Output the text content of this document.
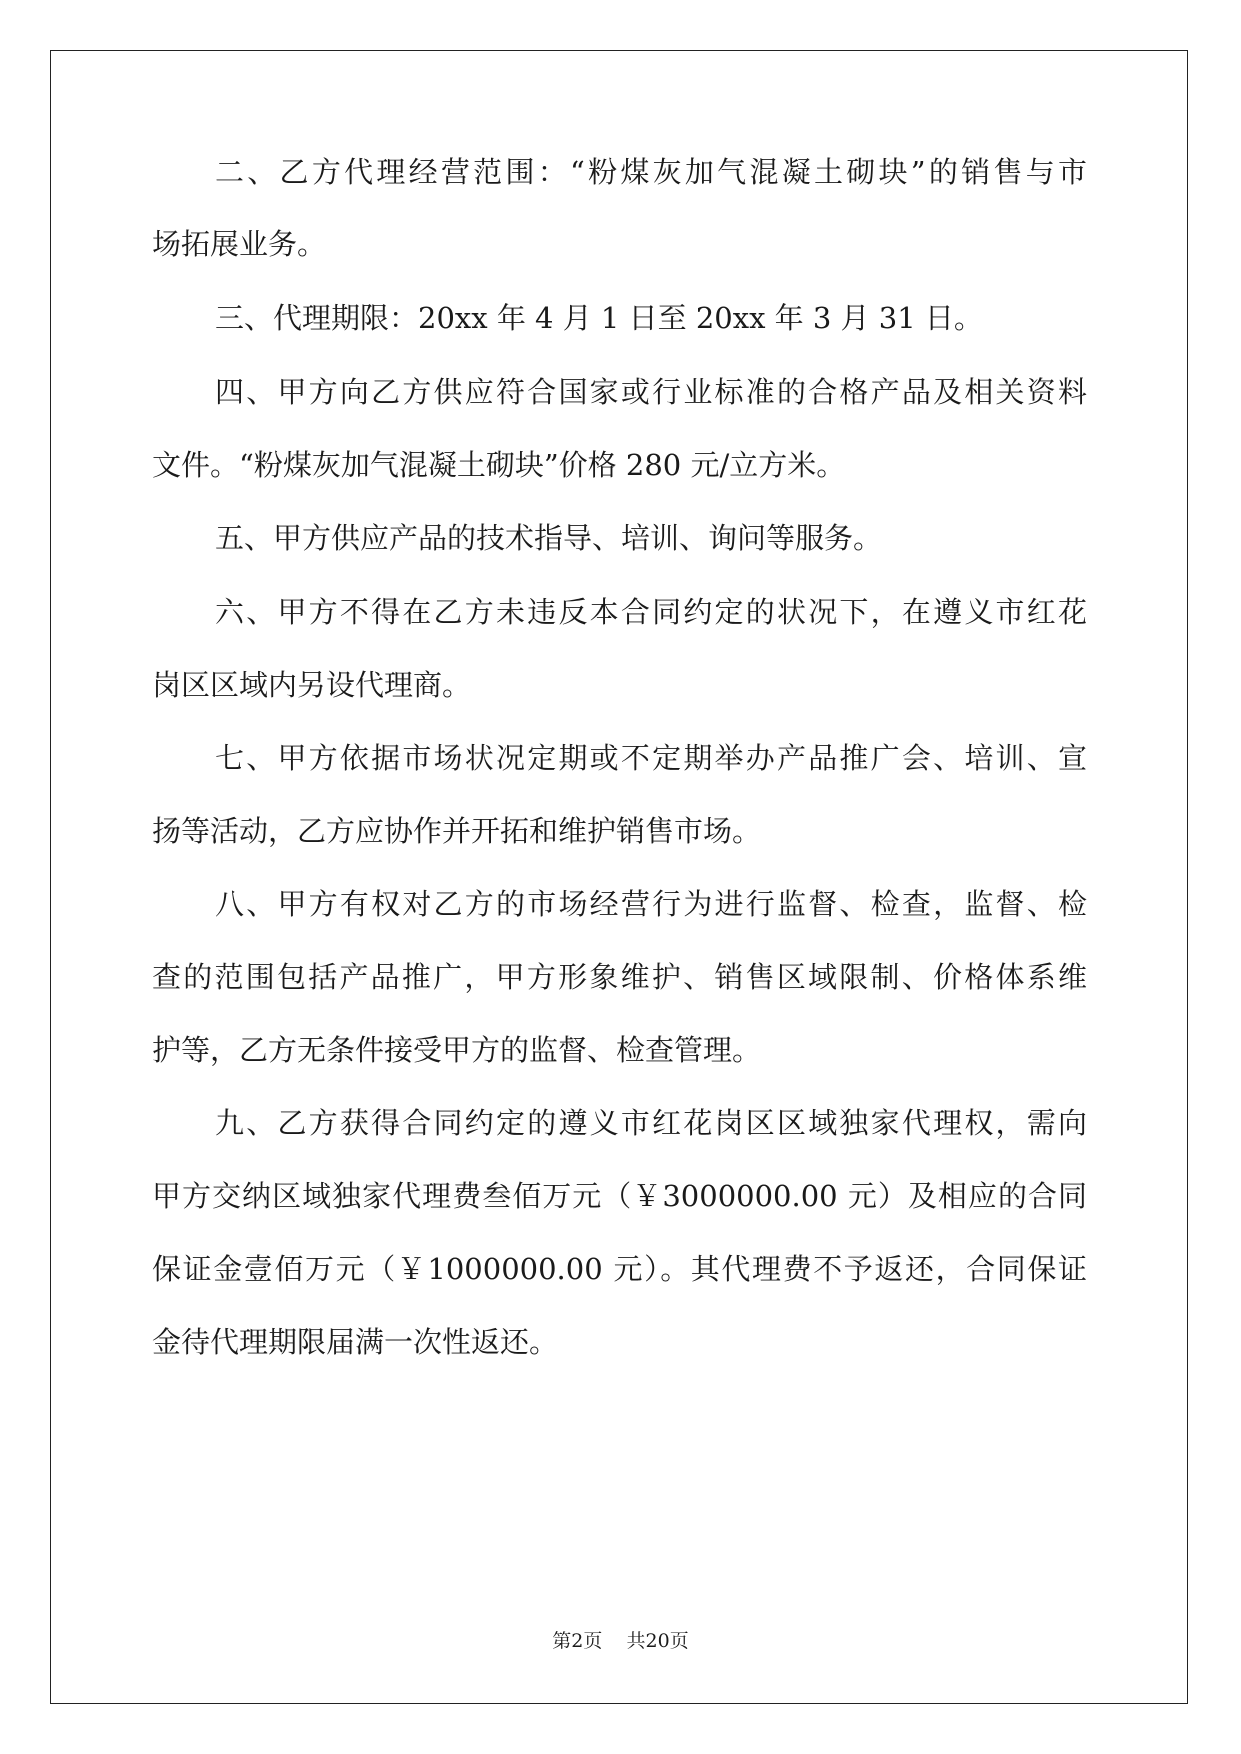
二、乙方代理经营范围：“粉煤灰加气混凝土砌块”的销售与市
场拓展业务。
三、代理期限：20xx 年 4 月 1 日至 20xx 年 3 月 31 日。
四、甲方向乙方供应符合国家或行业标准的合格产品及相关资料
文件。“粉煤灰加气混凝土砌块”价格 280 元/立方米。
五、甲方供应产品的技术指导、培训、询问等服务。
六、甲方不得在乙方未违反本合同约定的状况下，在遵义市红花
岗区区域内另设代理商。
七、甲方依据市场状况定期或不定期举办产品推广会、培训、宣
扬等活动，乙方应协作并开拓和维护销售市场。
八、甲方有权对乙方的市场经营行为进行监督、检查，监督、检
查的范围包括产品推广，甲方形象维护、销售区域限制、价格体系维
护等，乙方无条件接受甲方的监督、检查管理。
九、乙方获得合同约定的遵义市红花岗区区域独家代理权，需向
甲方交纳区域独家代理费叁佰万元（￥3000000.00 元）及相应的合同
保证金壹佰万元（￥1000000.00 元）。其代理费不予返还，合同保证
金待代理期限届满一次性返还。
第2页 共20页
